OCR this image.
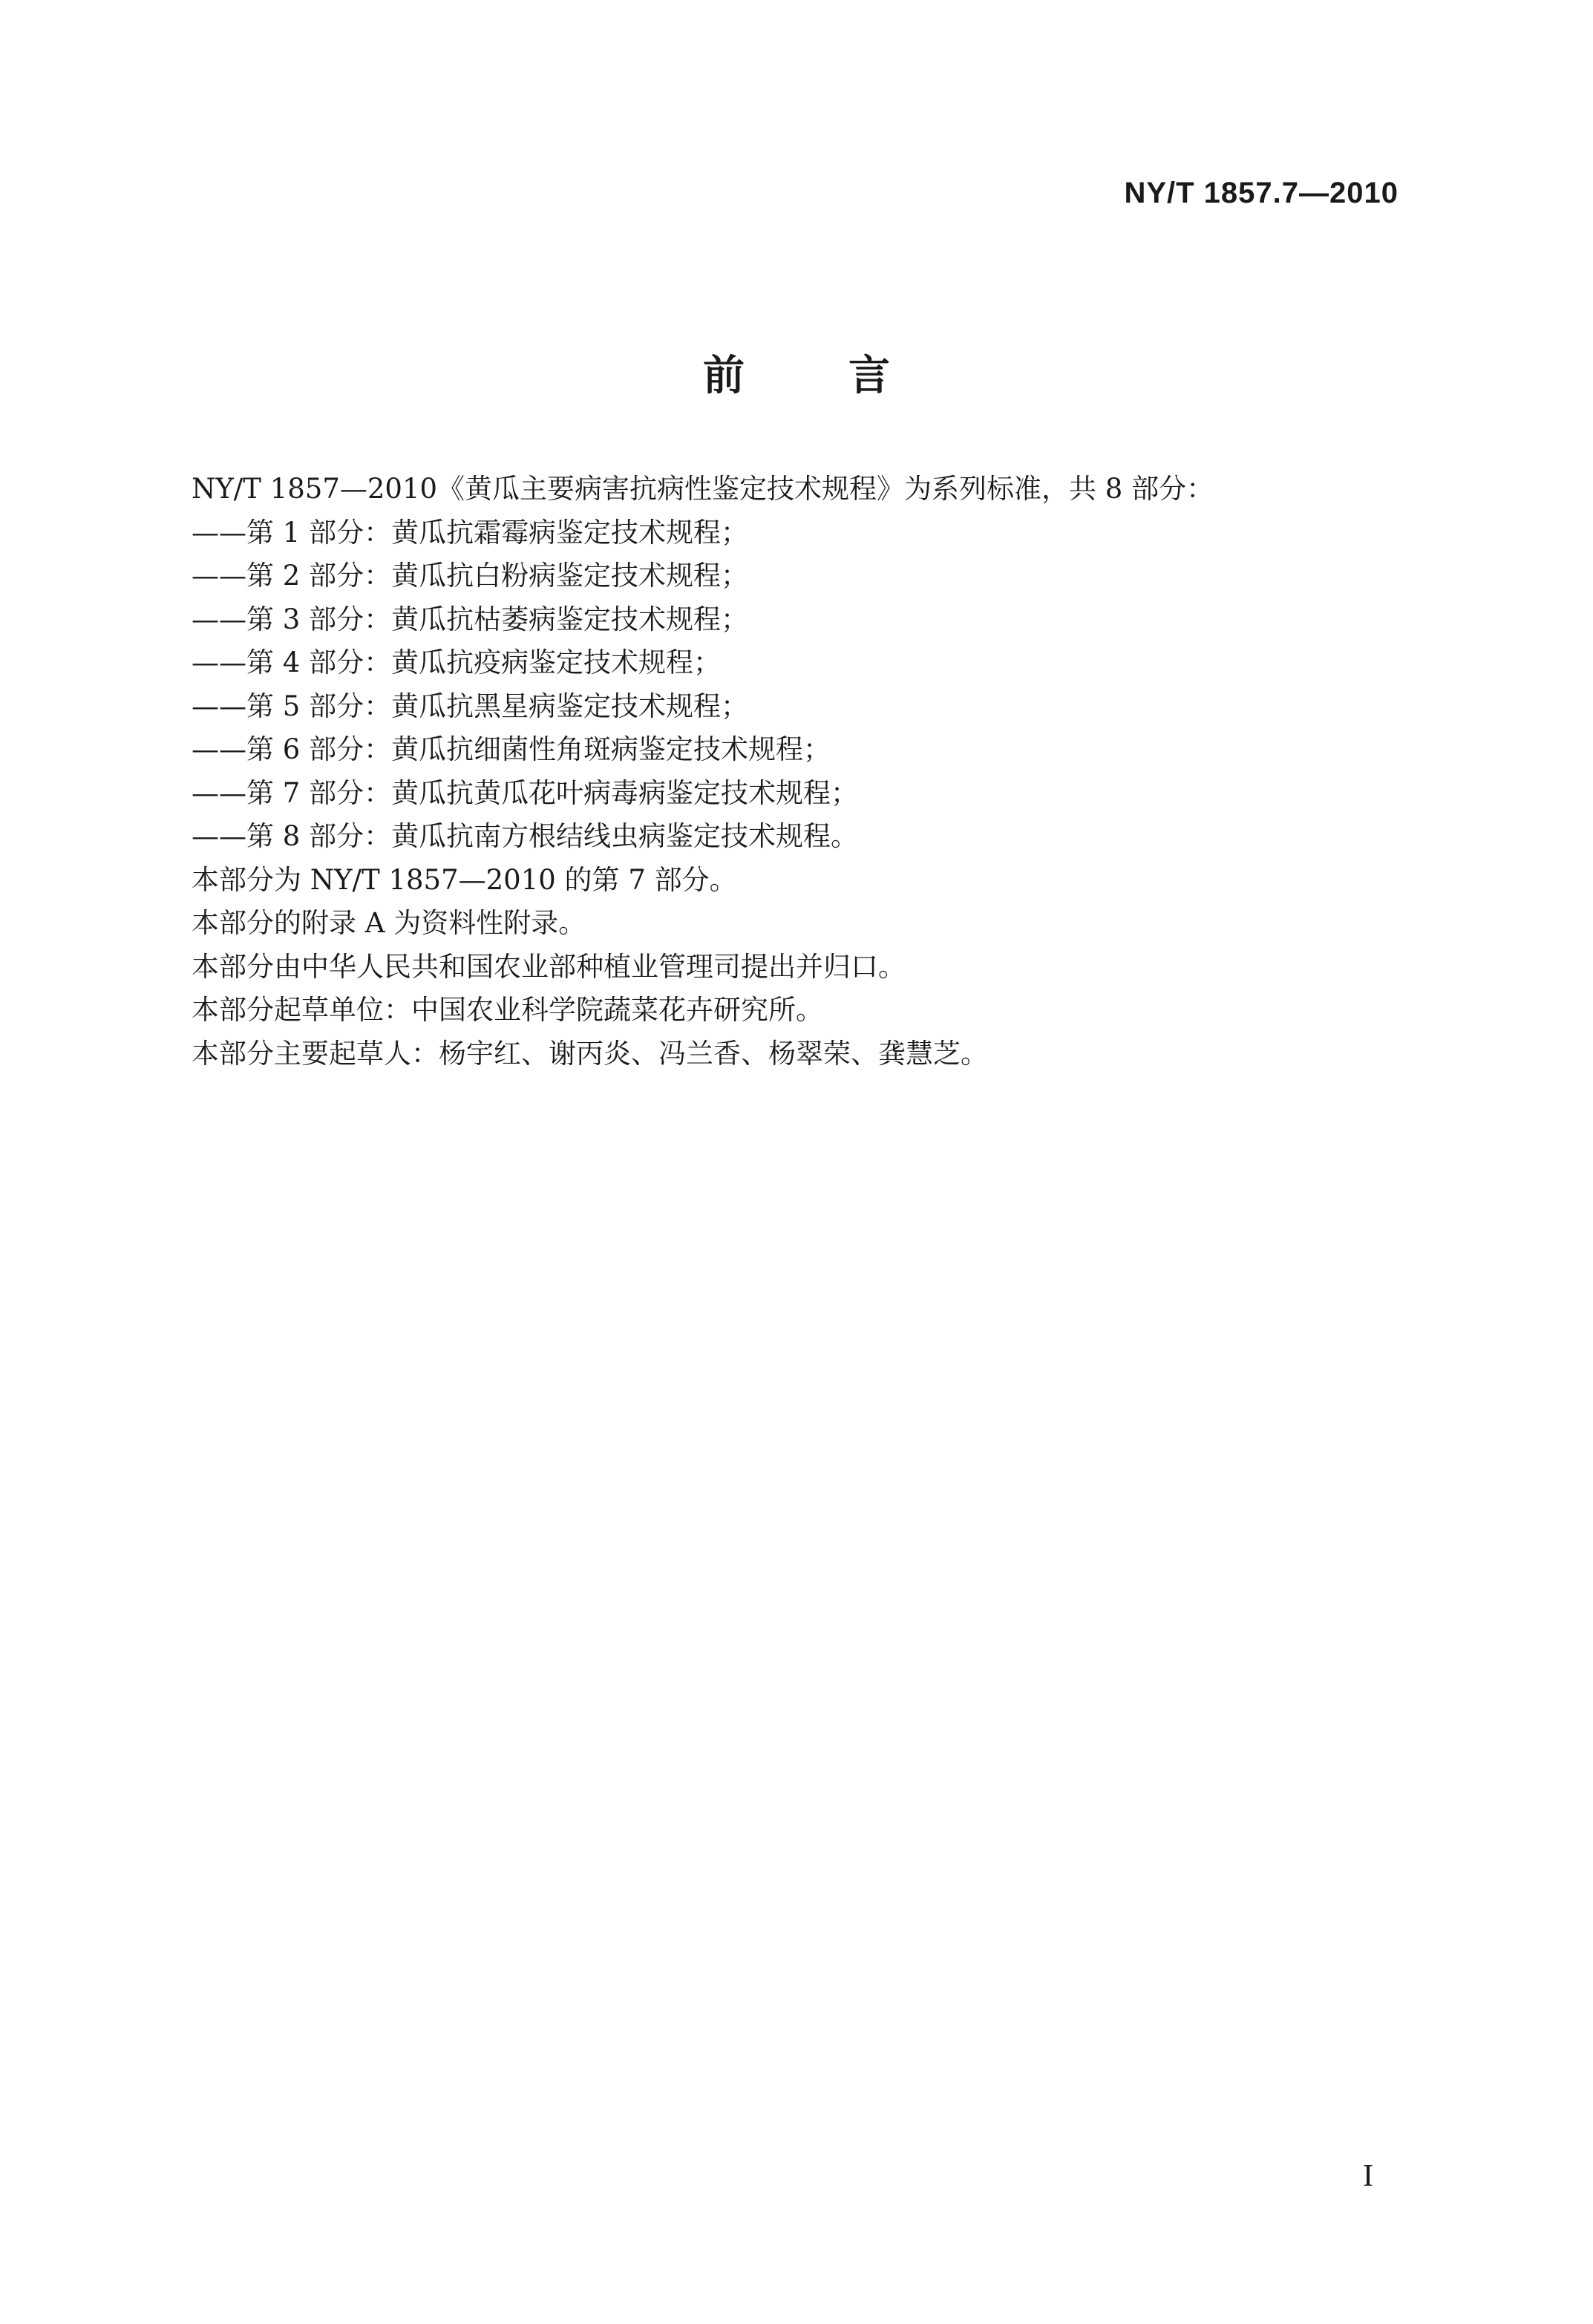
NY/T 1857.7—2010
前言
NY/T 1857—2010《黄瓜主要病害抗病性鉴定技术规程》为系列标准，共 8 部分：
——第 1 部分：黄瓜抗霜霉病鉴定技术规程；
——第 2 部分：黄瓜抗白粉病鉴定技术规程；
——第 3 部分：黄瓜抗枯萎病鉴定技术规程；
——第 4 部分：黄瓜抗疫病鉴定技术规程；
——第 5 部分：黄瓜抗黑星病鉴定技术规程；
——第 6 部分：黄瓜抗细菌性角斑病鉴定技术规程；
——第 7 部分：黄瓜抗黄瓜花叶病毒病鉴定技术规程；
——第 8 部分：黄瓜抗南方根结线虫病鉴定技术规程。
本部分为 NY/T 1857—2010 的第 7 部分。
本部分的附录 A 为资料性附录。
本部分由中华人民共和国农业部种植业管理司提出并归口。
本部分起草单位：中国农业科学院蔬菜花卉研究所。
本部分主要起草人：杨宇红、谢丙炎、冯兰香、杨翠荣、龚慧芝。
I
